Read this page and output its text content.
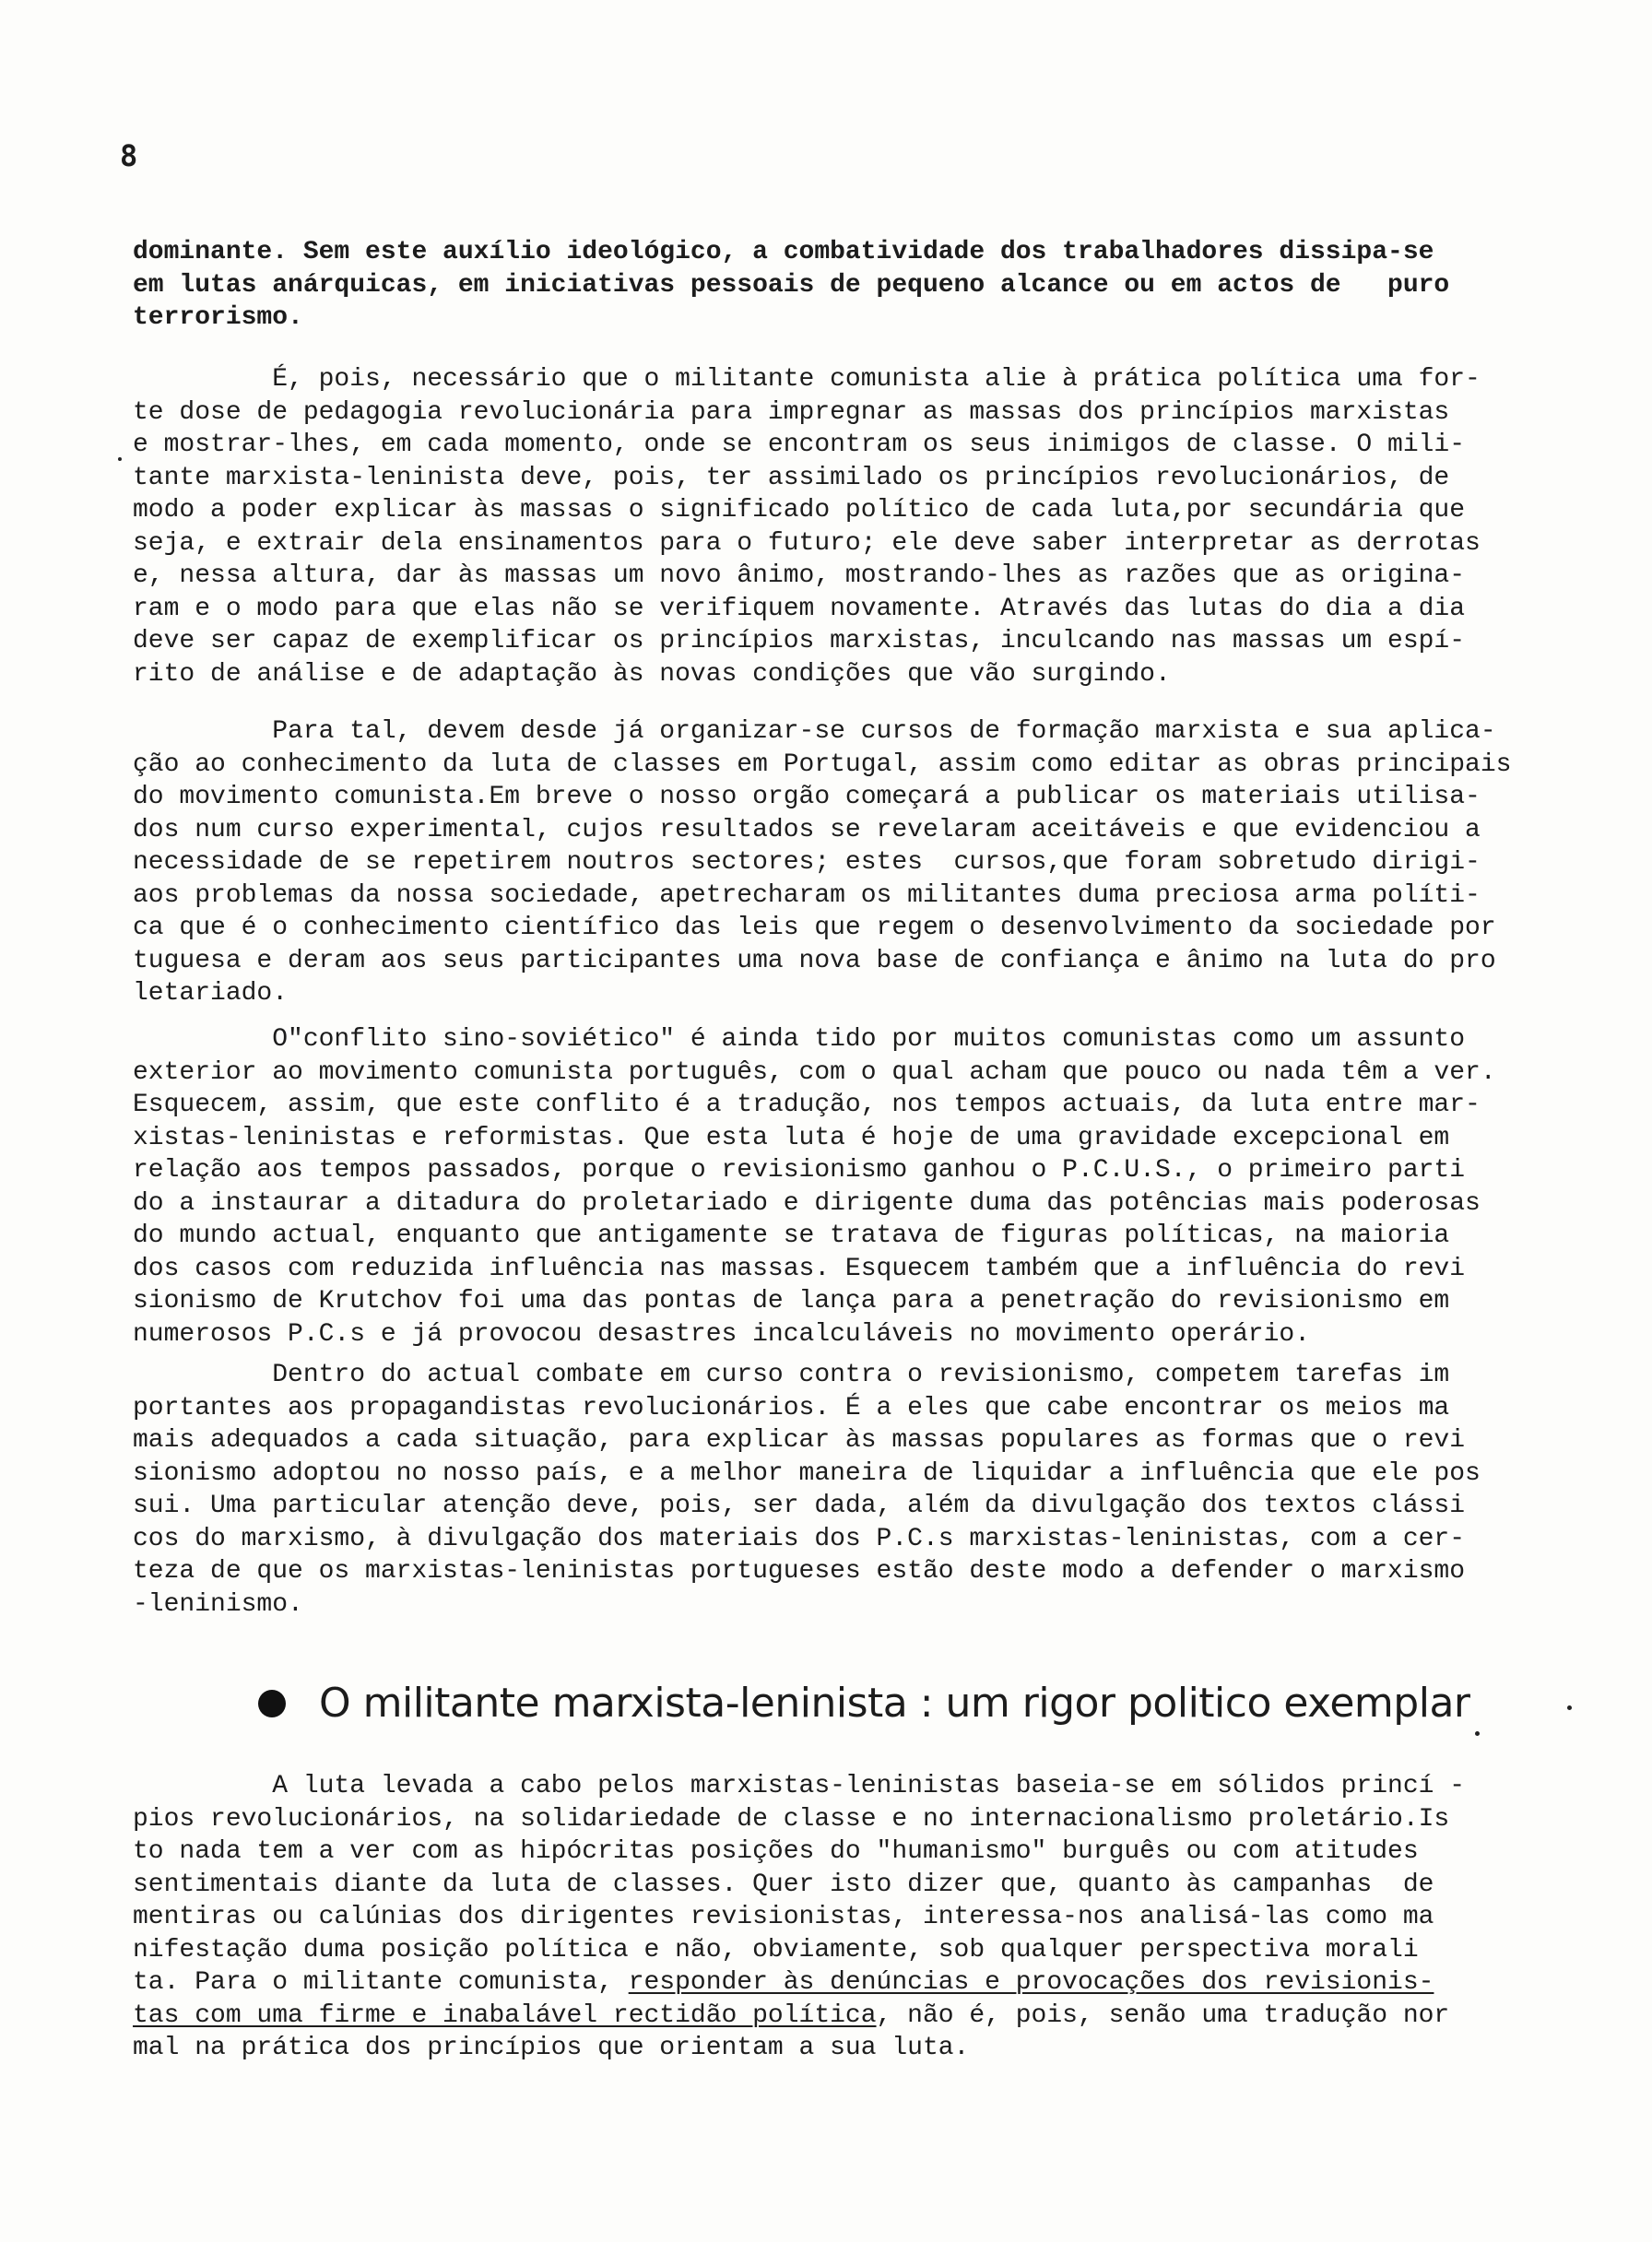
8
dominante. Sem este auxílio ideológico, a combatividade dos trabalhadores dissipa-se
em lutas anárquicas, em iniciativas pessoais de pequeno alcance ou em actos de   puro
terrorismo.
É, pois, necessário que o militante comunista alie à prática política uma for-
te dose de pedagogia revolucionária para impregnar as massas dos princípios marxistas
e mostrar-lhes, em cada momento, onde se encontram os seus inimigos de classe. O mili-
tante marxista-leninista deve, pois, ter assimilado os princípios revolucionários, de
modo a poder explicar às massas o significado político de cada luta,por secundária que
seja, e extrair dela ensinamentos para o futuro; ele deve saber interpretar as derrotas
e, nessa altura, dar às massas um novo ânimo, mostrando-lhes as razões que as origina-
ram e o modo para que elas não se verifiquem novamente. Através das lutas do dia a dia
deve ser capaz de exemplificar os princípios marxistas, inculcando nas massas um espí-
rito de análise e de adaptação às novas condições que vão surgindo.
Para tal, devem desde já organizar-se cursos de formação marxista e sua aplica-
ção ao conhecimento da luta de classes em Portugal, assim como editar as obras principais
do movimento comunista.Em breve o nosso orgão começará a publicar os materiais utilisa-
dos num curso experimental, cujos resultados se revelaram aceitáveis e que evidenciou a
necessidade de se repetirem noutros sectores; estes  cursos,que foram sobretudo dirigi-
aos problemas da nossa sociedade, apetrecharam os militantes duma preciosa arma políti-
ca que é o conhecimento científico das leis que regem o desenvolvimento da sociedade por
tuguesa e deram aos seus participantes uma nova base de confiança e ânimo na luta do pro
letariado.
O"conflito sino-soviético" é ainda tido por muitos comunistas como um assunto
exterior ao movimento comunista português, com o qual acham que pouco ou nada têm a ver.
Esquecem, assim, que este conflito é a tradução, nos tempos actuais, da luta entre mar-
xistas-leninistas e reformistas. Que esta luta é hoje de uma gravidade excepcional em
relação aos tempos passados, porque o revisionismo ganhou o P.C.U.S., o primeiro parti
do a instaurar a ditadura do proletariado e dirigente duma das potências mais poderosas
do mundo actual, enquanto que antigamente se tratava de figuras políticas, na maioria
dos casos com reduzida influência nas massas. Esquecem também que a influência do revi
sionismo de Krutchov foi uma das pontas de lança para a penetração do revisionismo em
numerosos P.C.s e já provocou desastres incalculáveis no movimento operário.
Dentro do actual combate em curso contra o revisionismo, competem tarefas im
portantes aos propagandistas revolucionários. É a eles que cabe encontrar os meios ma
mais adequados a cada situação, para explicar às massas populares as formas que o revi
sionismo adoptou no nosso país, e a melhor maneira de liquidar a influência que ele pos
sui. Uma particular atenção deve, pois, ser dada, além da divulgação dos textos clássi
cos do marxismo, à divulgação dos materiais dos P.C.s marxistas-leninistas, com a cer-
teza de que os marxistas-leninistas portugueses estão deste modo a defender o marxismo
-leninismo.
O militante marxista-leninista : um rigor politico exemplar
A luta levada a cabo pelos marxistas-leninistas baseia-se em sólidos princí -
pios revolucionários, na solidariedade de classe e no internacionalismo proletário.Is
to nada tem a ver com as hipócritas posições do "humanismo" burguês ou com atitudes
sentimentais diante da luta de classes. Quer isto dizer que, quanto às campanhas  de
mentiras ou calúnias dos dirigentes revisionistas, interessa-nos analisá-las como ma
nifestação duma posição política e não, obviamente, sob qualquer perspectiva morali
ta. Para o militante comunista, responder às denúncias e provocações dos revisionis-
tas com uma firme e inabalável rectidão política, não é, pois, senão uma tradução nor
mal na prática dos princípios que orientam a sua luta.
